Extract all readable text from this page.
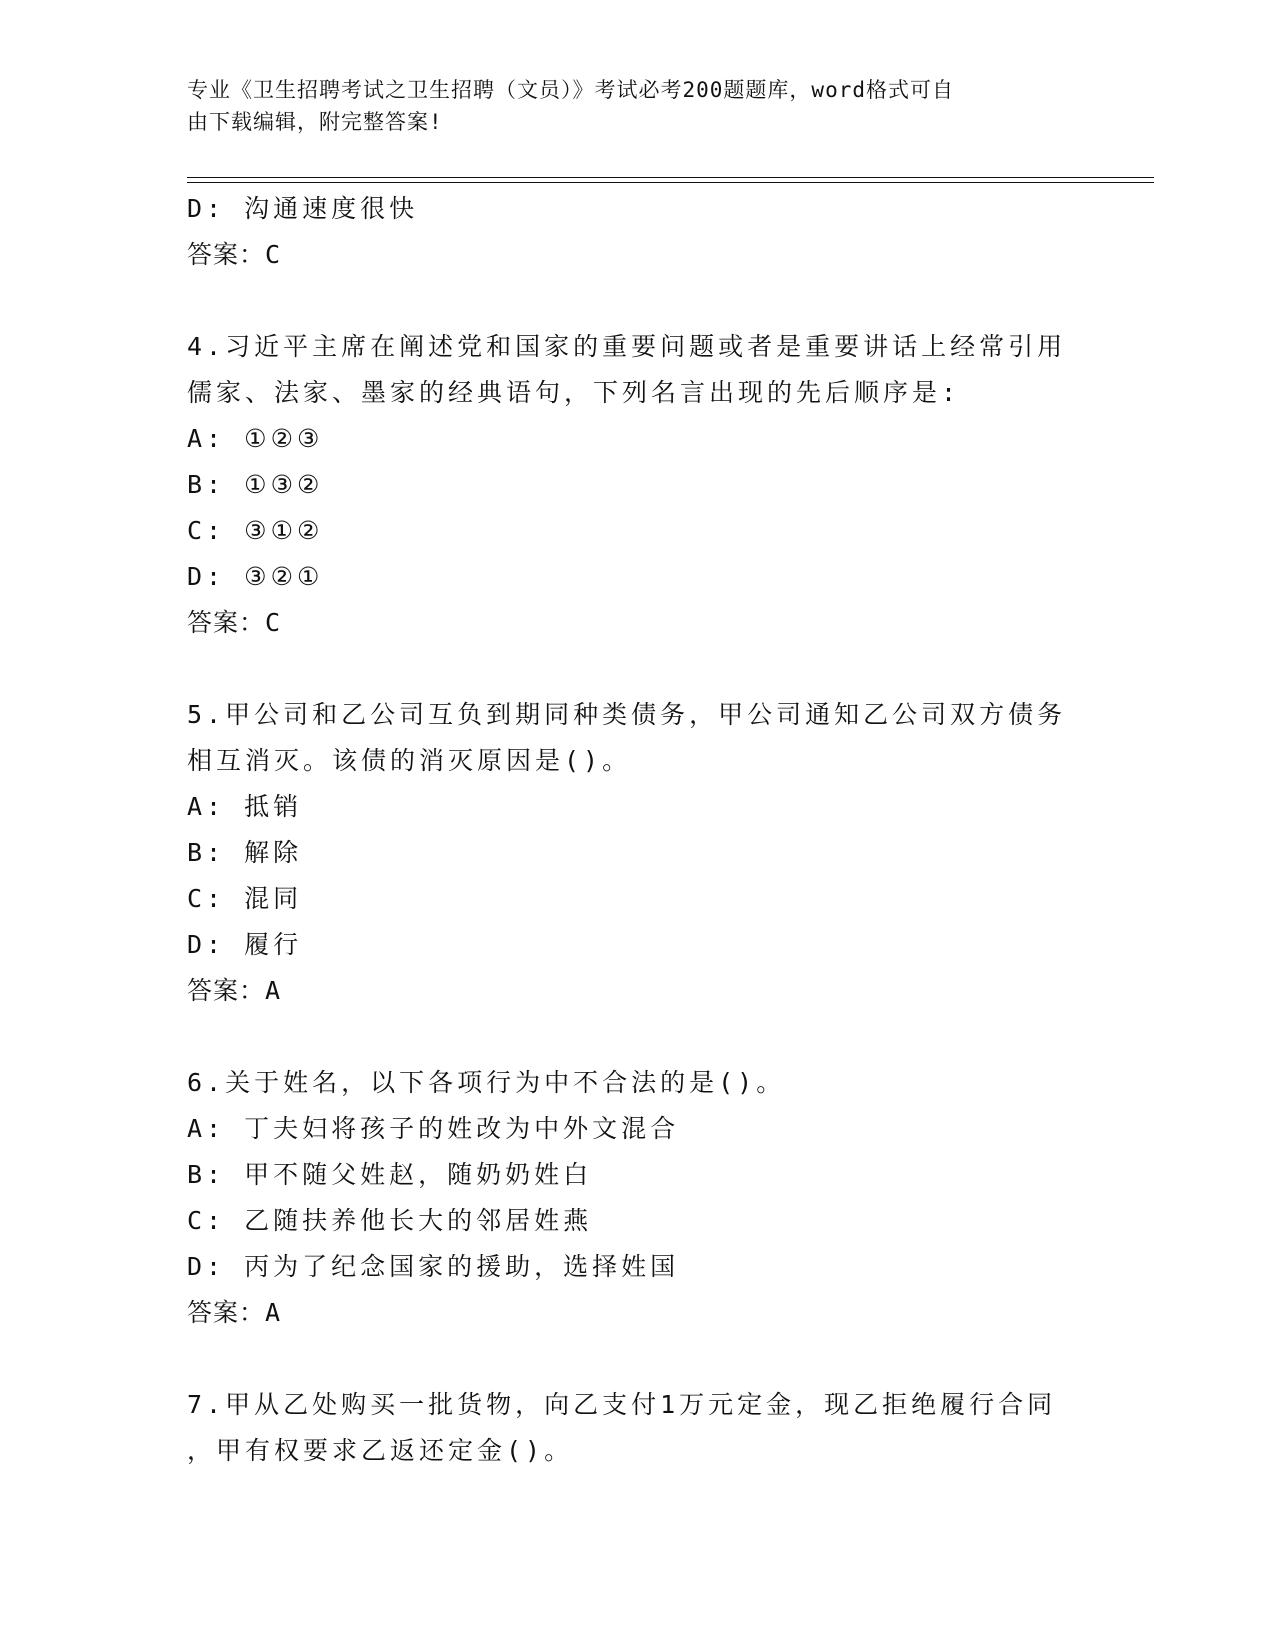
专业《卫生招聘考试之卫生招聘（文员）》考试必考200题题库，word格式可自
由下载编辑，附完整答案!
D: 沟通速度很快
答案：C
4.习近平主席在阐述党和国家的重要问题或者是重要讲话上经常引用
儒家、法家、墨家的经典语句，下列名言出现的先后顺序是:
A: ①②③
B: ①③②
C: ③①②
D: ③②①
答案：C
5.甲公司和乙公司互负到期同种类债务，甲公司通知乙公司双方债务
相互消灭。该债的消灭原因是()。
A: 抵销
B: 解除
C: 混同
D: 履行
答案：A
6.关于姓名，以下各项行为中不合法的是()。
A: 丁夫妇将孩子的姓改为中外文混合
B: 甲不随父姓赵，随奶奶姓白
C: 乙随扶养他长大的邻居姓燕
D: 丙为了纪念国家的援助，选择姓国
答案：A
7.甲从乙处购买一批货物，向乙支付1万元定金，现乙拒绝履行合同
，甲有权要求乙返还定金()。
